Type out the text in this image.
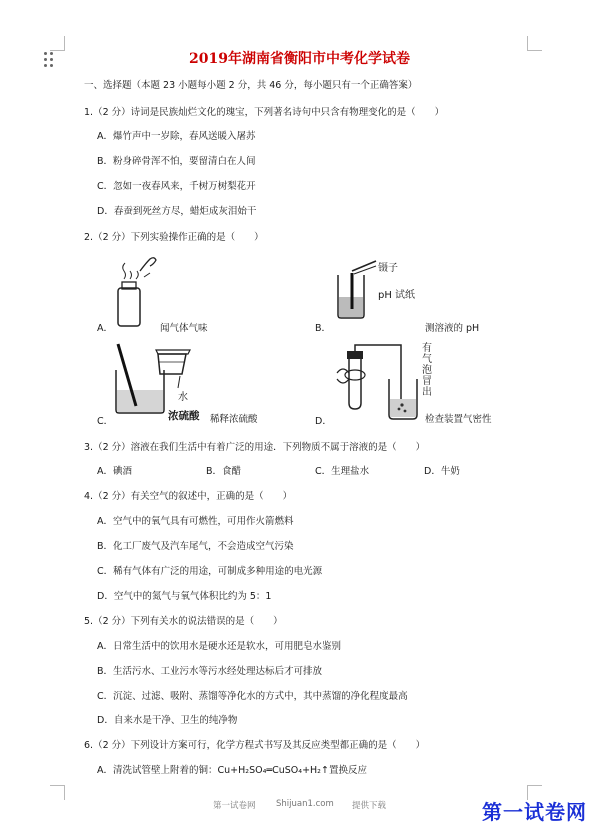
2019年湖南省衡阳市中考化学试卷
一、选择题（本题 23 小题每小题 2 分，共 46 分，每小题只有一个正确答案）
1.（2 分）诗词是民族灿烂文化的瑰宝，下列著名诗句中只含有物理变化的是（　　）
A．爆竹声中一岁除，春风送暖入屠苏
B．粉身碎骨浑不怕，要留清白在人间
C．忽如一夜春风来，千树万树梨花开
D．春蚕到死丝方尽，蜡炬成灰泪始干
2.（2 分）下列实验操作正确的是（　　）
A．	闻气体气味
镊子
pH 试纸
B．	测溶液的 pH
水
浓硫酸
C．	稀释浓硫酸
有
气
泡
冒
出
D．	检查装置气密性
3.（2 分）溶液在我们生活中有着广泛的用途．下列物质不属于溶液的是（　　）
A．碘酒	B．食醋	C．生理盐水	D．牛奶
4.（2 分）有关空气的叙述中，正确的是（　　）
A．空气中的氧气具有可燃性，可用作火箭燃料
B．化工厂废气及汽车尾气，不会造成空气污染
C．稀有气体有广泛的用途，可制成多种用途的电光源
D．空气中的氮气与氧气体积比约为 5：1
5.（2 分）下列有关水的说法错误的是（　　）
A．日常生活中的饮用水是硬水还是软水，可用肥皂水鉴别
B．生活污水、工业污水等污水经处理达标后才可排放
C．沉淀、过滤、吸附、蒸馏等净化水的方式中，其中蒸馏的净化程度最高
D．自来水是干净、卫生的纯净物
6.（2 分）下列设计方案可行，化学方程式书写及其反应类型都正确的是（　　）
A．清洗试管壁上附着的铜：Cu+H₂SO₄═CuSO₄+H₂↑置换反应
第一试卷网 Shijuan1.com 提供下载	第一试卷网
